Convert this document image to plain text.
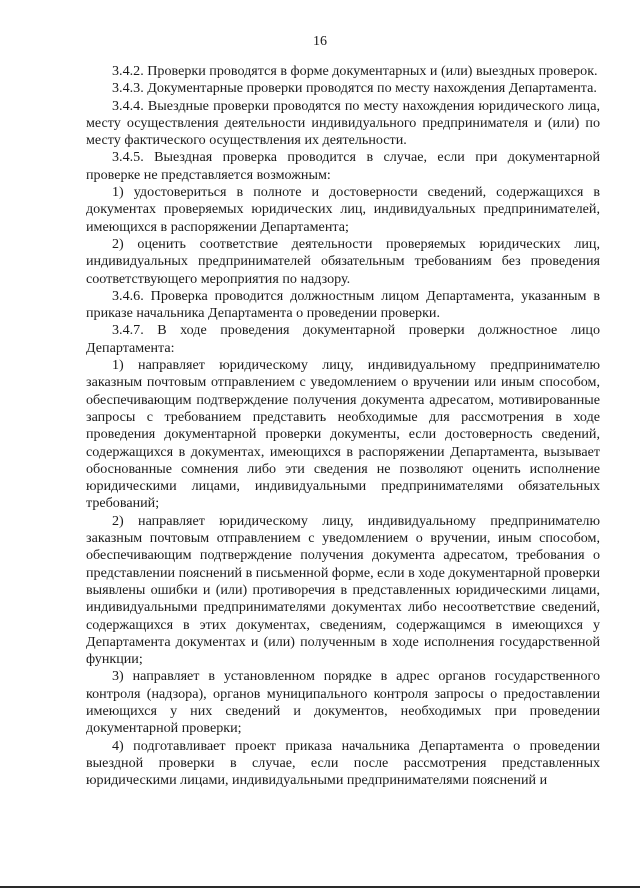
16

3.4.2. Проверки проводятся в форме документарных и (или) выездных проверок.

3.4.3. Документарные проверки проводятся по месту нахождения Департамента.

3.4.4. Выездные проверки проводятся по месту нахождения юридического лица, месту осуществления деятельности индивидуального предпринимателя и (или) по месту фактического осуществления их деятельности.

3.4.5. Выездная проверка проводится в случае, если при документарной проверке не представляется возможным:

1) удостовериться в полноте и достоверности сведений, содержащихся в документах проверяемых юридических лиц, индивидуальных предпринимателей, имеющихся в распоряжении Департамента;

2) оценить соответствие деятельности проверяемых юридических лиц, индивидуальных предпринимателей обязательным требованиям без проведения соответствующего мероприятия по надзору.

3.4.6. Проверка проводится должностным лицом Департамента, указанным в приказе начальника Департамента о проведении проверки.

3.4.7. В ходе проведения документарной проверки должностное лицо Департамента:

1) направляет юридическому лицу, индивидуальному предпринимателю заказным почтовым отправлением с уведомлением о вручении или иным способом, обеспечивающим подтверждение получения документа адресатом, мотивированные запросы с требованием представить необходимые для рассмотрения в ходе проведения документарной проверки документы, если достоверность сведений, содержащихся в документах, имеющихся в распоряжении Департамента, вызывает обоснованные сомнения либо эти сведения не позволяют оценить исполнение юридическими лицами, индивидуальными предпринимателями обязательных требований;

2) направляет юридическому лицу, индивидуальному предпринимателю заказным почтовым отправлением с уведомлением о вручении, иным способом, обеспечивающим подтверждение получения документа адресатом, требования о представлении пояснений в письменной форме, если в ходе документарной проверки выявлены ошибки и (или) противоречия в представленных юридическими лицами, индивидуальными предпринимателями документах либо несоответствие сведений, содержащихся в этих документах, сведениям, содержащимся в имеющихся у Департамента документах и (или) полученным в ходе исполнения государственной функции;

3) направляет в установленном порядке в адрес органов государственного контроля (надзора), органов муниципального контроля запросы о предоставлении имеющихся у них сведений и документов, необходимых при проведении документарной проверки;

4) подготавливает проект приказа начальника Департамента о проведении выездной проверки в случае, если после рассмотрения представленных юридическими лицами, индивидуальными предпринимателями пояснений и
